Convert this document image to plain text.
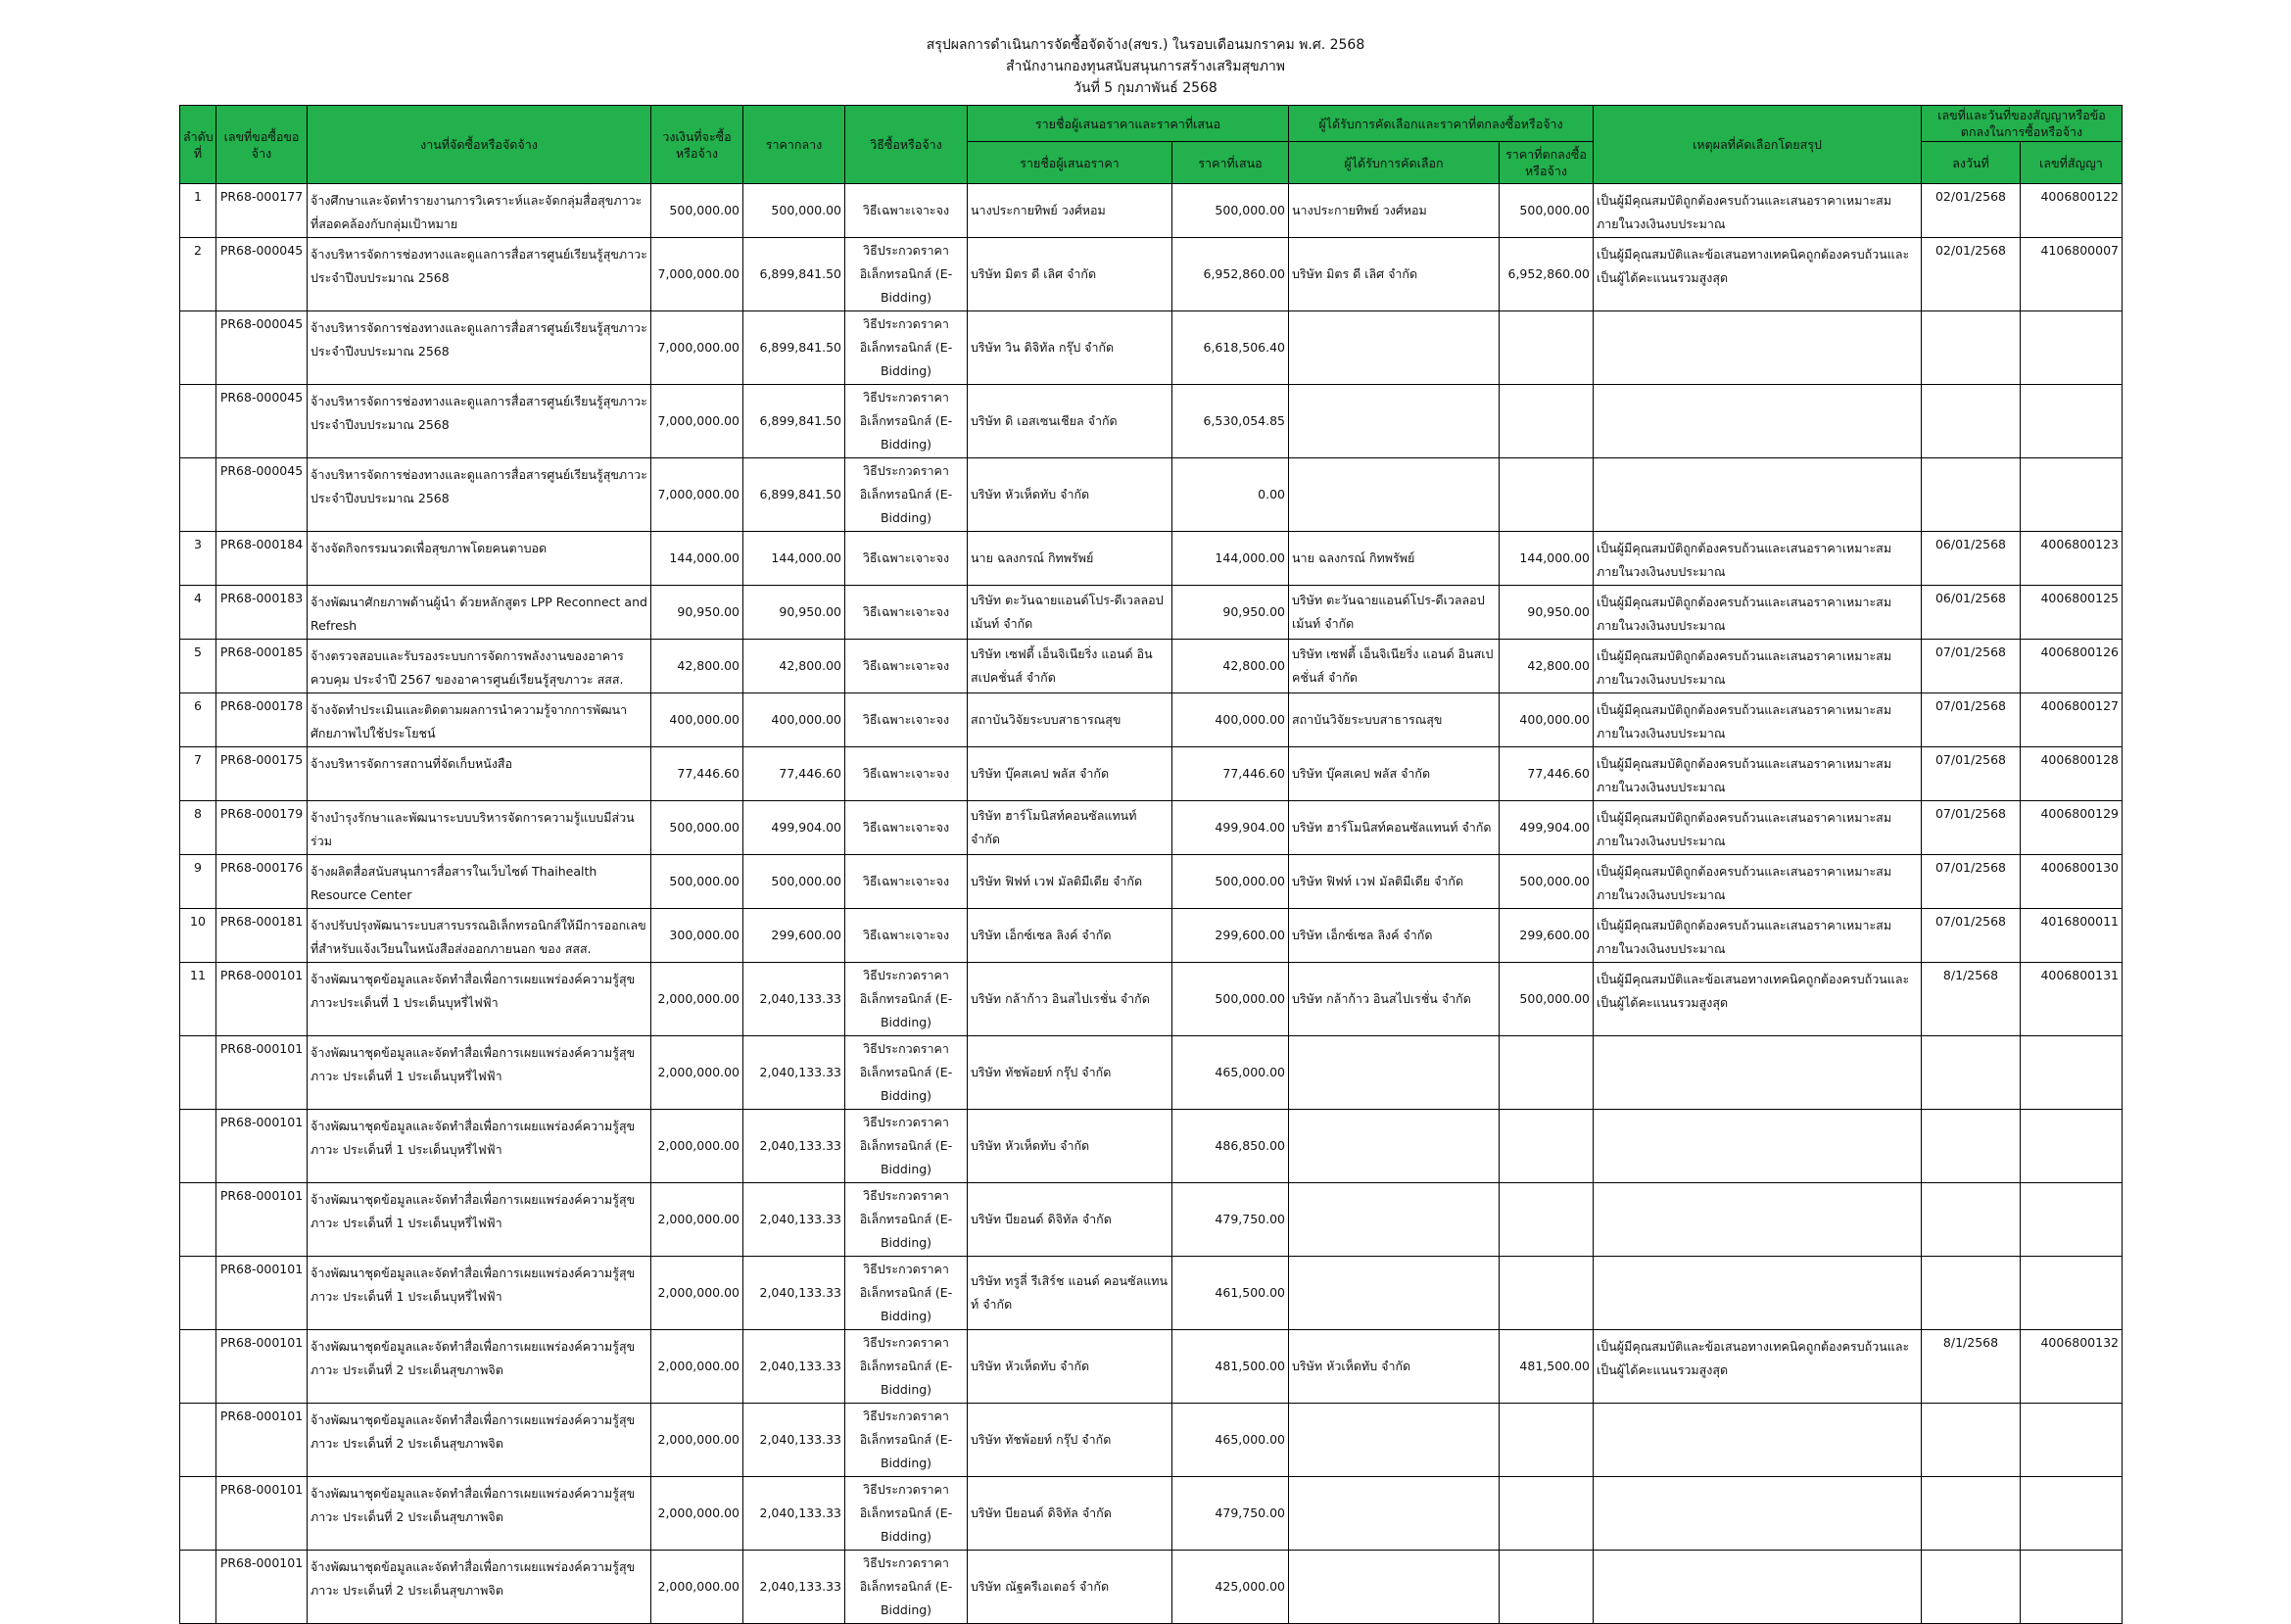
สรุปผลการดำเนินการจัดซื้อจัดจ้าง(สขร.) ในรอบเดือนมกราคม พ.ศ. 2568
สำนักงานกองทุนสนับสนุนการสร้างเสริมสุขภาพ
วันที่ 5 กุมภาพันธ์ 2568
ลำดับที่	เลขที่ขอซื้อขอจ้าง	งานที่จัดซื้อหรือจัดจ้าง	วงเงินที่จะซื้อหรือจ้าง	ราคากลาง	วิธีซื้อหรือจ้าง	รายชื่อผู้เสนอราคาและราคาที่เสนอ		ผู้ได้รับการคัดเลือกและราคาที่ตกลงซื้อหรือจ้าง		เหตุผลที่คัดเลือกโดยสรุป	เลขที่และวันที่ของสัญญาหรือข้อตกลงในการซื้อหรือจ้าง	
						รายชื่อผู้เสนอราคา	ราคาที่เสนอ	ผู้ได้รับการคัดเลือก	ราคาที่ตกลงซื้อหรือจ้าง		ลงวันที่	เลขที่สัญญา
1	PR68-000177	จ้างศึกษาและจัดทำรายงานการวิเคราะห์และจัดกลุ่มสื่อสุขภาวะที่สอดคล้องกับกลุ่มเป้าหมาย	500,000.00	500,000.00	วิธีเฉพาะเจาะจง	นางประกายทิพย์ วงศ์หอม	500,000.00	นางประกายทิพย์ วงศ์หอม	500,000.00	เป็นผู้มีคุณสมบัติถูกต้องครบถ้วนและเสนอราคาเหมาะสมภายในวงเงินงบประมาณ	02/01/2568	4006800122
2	PR68-000045	จ้างบริหารจัดการช่องทางและดูแลการสื่อสารศูนย์เรียนรู้สุขภาวะ ประจำปีงบประมาณ 2568	7,000,000.00	6,899,841.50	วิธีประกวดราคาอิเล็กทรอนิกส์ (E-Bidding)	บริษัท มิตร ดี เลิศ จำกัด	6,952,860.00	บริษัท มิตร ดี เลิศ จำกัด	6,952,860.00	เป็นผู้มีคุณสมบัติและข้อเสนอทางเทคนิคถูกต้องครบถ้วนและเป็นผู้ได้คะแนนรวมสูงสุด	02/01/2568	4106800007
	PR68-000045	จ้างบริหารจัดการช่องทางและดูแลการสื่อสารศูนย์เรียนรู้สุขภาวะ ประจำปีงบประมาณ 2568	7,000,000.00	6,899,841.50	วิธีประกวดราคาอิเล็กทรอนิกส์ (E-Bidding)	บริษัท วิน ดิจิทัล กรุ๊ป จำกัด	6,618,506.40					
	PR68-000045	จ้างบริหารจัดการช่องทางและดูแลการสื่อสารศูนย์เรียนรู้สุขภาวะ ประจำปีงบประมาณ 2568	7,000,000.00	6,899,841.50	วิธีประกวดราคาอิเล็กทรอนิกส์ (E-Bidding)	บริษัท ดิ เอสเซนเชียล จำกัด	6,530,054.85					
	PR68-000045	จ้างบริหารจัดการช่องทางและดูแลการสื่อสารศูนย์เรียนรู้สุขภาวะ ประจำปีงบประมาณ 2568	7,000,000.00	6,899,841.50	วิธีประกวดราคาอิเล็กทรอนิกส์ (E-Bidding)	บริษัท หัวเห็ดทับ จำกัด	0.00					
3	PR68-000184	จ้างจัดกิจกรรมนวดเพื่อสุขภาพโดยคนตาบอด	144,000.00	144,000.00	วิธีเฉพาะเจาะจง	นาย ฉลงกรณ์ กิทพรัพย์	144,000.00	นาย ฉลงกรณ์ กิทพรัพย์	144,000.00	เป็นผู้มีคุณสมบัติถูกต้องครบถ้วนและเสนอราคาเหมาะสมภายในวงเงินงบประมาณ	06/01/2568	4006800123
4	PR68-000183	จ้างพัฒนาศักยภาพด้านผู้นำ ด้วยหลักสูตร LPP Reconnect and Refresh	90,950.00	90,950.00	วิธีเฉพาะเจาะจง	บริษัท ตะวันฉายแอนด์โปร-ดีเวลลอปเม้นท์ จำกัด	90,950.00	บริษัท ตะวันฉายแอนด์โปร-ดีเวลลอปเม้นท์ จำกัด	90,950.00	เป็นผู้มีคุณสมบัติถูกต้องครบถ้วนและเสนอราคาเหมาะสมภายในวงเงินงบประมาณ	06/01/2568	4006800125
5	PR68-000185	จ้างตรวจสอบและรับรองระบบการจัดการพลังงานของอาคารควบคุม ประจำปี 2567 ของอาคารศูนย์เรียนรู้สุขภาวะ สสส.	42,800.00	42,800.00	วิธีเฉพาะเจาะจง	บริษัท เซฟตี้ เอ็นจิเนียริ่ง แอนด์ อินสเปคชั่นส์ จำกัด	42,800.00	บริษัท เซฟตี้ เอ็นจิเนียริ่ง แอนด์ อินสเปคชั่นส์ จำกัด	42,800.00	เป็นผู้มีคุณสมบัติถูกต้องครบถ้วนและเสนอราคาเหมาะสมภายในวงเงินงบประมาณ	07/01/2568	4006800126
6	PR68-000178	จ้างจัดทำประเมินและติดตามผลการนำความรู้จากการพัฒนาศักยภาพไปใช้ประโยชน์	400,000.00	400,000.00	วิธีเฉพาะเจาะจง	สถาบันวิจัยระบบสาธารณสุข	400,000.00	สถาบันวิจัยระบบสาธารณสุข	400,000.00	เป็นผู้มีคุณสมบัติถูกต้องครบถ้วนและเสนอราคาเหมาะสมภายในวงเงินงบประมาณ	07/01/2568	4006800127
7	PR68-000175	จ้างบริหารจัดการสถานที่จัดเก็บหนังสือ	77,446.60	77,446.60	วิธีเฉพาะเจาะจง	บริษัท บุ๊คสเคป พลัส จำกัด	77,446.60	บริษัท บุ๊คสเคป พลัส จำกัด	77,446.60	เป็นผู้มีคุณสมบัติถูกต้องครบถ้วนและเสนอราคาเหมาะสมภายในวงเงินงบประมาณ	07/01/2568	4006800128
8	PR68-000179	จ้างบำรุงรักษาและพัฒนาระบบบริหารจัดการความรู้แบบมีส่วนร่วม	500,000.00	499,904.00	วิธีเฉพาะเจาะจง	บริษัท ฮาร์โมนิสท์คอนซัลแทนท์ จำกัด	499,904.00	บริษัท ฮาร์โมนิสท์คอนซัลแทนท์ จำกัด	499,904.00	เป็นผู้มีคุณสมบัติถูกต้องครบถ้วนและเสนอราคาเหมาะสมภายในวงเงินงบประมาณ	07/01/2568	4006800129
9	PR68-000176	จ้างผลิตสื่อสนับสนุนการสื่อสารในเว็บไซต์ Thaihealth Resource Center	500,000.00	500,000.00	วิธีเฉพาะเจาะจง	บริษัท ฟิฟท์ เวฟ มัลติมีเดีย จำกัด	500,000.00	บริษัท ฟิฟท์ เวฟ มัลติมีเดีย จำกัด	500,000.00	เป็นผู้มีคุณสมบัติถูกต้องครบถ้วนและเสนอราคาเหมาะสมภายในวงเงินงบประมาณ	07/01/2568	4006800130
10	PR68-000181	จ้างปรับปรุงพัฒนาระบบสารบรรณอิเล็กทรอนิกส์ให้มีการออกเลขที่สำหรับแจ้งเวียนในหนังสือส่งออกภายนอก ของ สสส.	300,000.00	299,600.00	วิธีเฉพาะเจาะจง	บริษัท เอ็กซ์เซล ลิงค์ จำกัด	299,600.00	บริษัท เอ็กซ์เซล ลิงค์ จำกัด	299,600.00	เป็นผู้มีคุณสมบัติถูกต้องครบถ้วนและเสนอราคาเหมาะสมภายในวงเงินงบประมาณ	07/01/2568	4016800011
11	PR68-000101	จ้างพัฒนาชุดข้อมูลและจัดทำสื่อเพื่อการเผยแพร่องค์ความรู้สุขภาวะประเด็นที่ 1 ประเด็นบุหรี่ไฟฟ้า	2,000,000.00	2,040,133.33	วิธีประกวดราคาอิเล็กทรอนิกส์ (E-Bidding)	บริษัท กล้าก้าว อินสไปเรชั่น จำกัด	500,000.00	บริษัท กล้าก้าว อินสไปเรชั่น จำกัด	500,000.00	เป็นผู้มีคุณสมบัติและข้อเสนอทางเทคนิคถูกต้องครบถ้วนและเป็นผู้ได้คะแนนรวมสูงสุด	8/1/2568	4006800131
	PR68-000101	จ้างพัฒนาชุดข้อมูลและจัดทำสื่อเพื่อการเผยแพร่องค์ความรู้สุขภาวะ ประเด็นที่ 1 ประเด็นบุหรี่ไฟฟ้า	2,000,000.00	2,040,133.33	วิธีประกวดราคาอิเล็กทรอนิกส์ (E-Bidding)	บริษัท ทัชพ้อยท์ กรุ๊ป จำกัด	465,000.00					
	PR68-000101	จ้างพัฒนาชุดข้อมูลและจัดทำสื่อเพื่อการเผยแพร่องค์ความรู้สุขภาวะ ประเด็นที่ 1 ประเด็นบุหรี่ไฟฟ้า	2,000,000.00	2,040,133.33	วิธีประกวดราคาอิเล็กทรอนิกส์ (E-Bidding)	บริษัท หัวเห็ดทับ จำกัด	486,850.00					
	PR68-000101	จ้างพัฒนาชุดข้อมูลและจัดทำสื่อเพื่อการเผยแพร่องค์ความรู้สุขภาวะ ประเด็นที่ 1 ประเด็นบุหรี่ไฟฟ้า	2,000,000.00	2,040,133.33	วิธีประกวดราคาอิเล็กทรอนิกส์ (E-Bidding)	บริษัท บียอนด์ ดิจิทัล จำกัด	479,750.00					
	PR68-000101	จ้างพัฒนาชุดข้อมูลและจัดทำสื่อเพื่อการเผยแพร่องค์ความรู้สุขภาวะ ประเด็นที่ 1 ประเด็นบุหรี่ไฟฟ้า	2,000,000.00	2,040,133.33	วิธีประกวดราคาอิเล็กทรอนิกส์ (E-Bidding)	บริษัท ทรูลี่ รีเสิร์ช แอนด์ คอนซัลแทนท์ จำกัด	461,500.00					
	PR68-000101	จ้างพัฒนาชุดข้อมูลและจัดทำสื่อเพื่อการเผยแพร่องค์ความรู้สุขภาวะ ประเด็นที่ 2 ประเด็นสุขภาพจิต	2,000,000.00	2,040,133.33	วิธีประกวดราคาอิเล็กทรอนิกส์ (E-Bidding)	บริษัท หัวเห็ดทับ จำกัด	481,500.00	บริษัท หัวเห็ดทับ จำกัด	481,500.00	เป็นผู้มีคุณสมบัติและข้อเสนอทางเทคนิคถูกต้องครบถ้วนและเป็นผู้ได้คะแนนรวมสูงสุด	8/1/2568	4006800132
	PR68-000101	จ้างพัฒนาชุดข้อมูลและจัดทำสื่อเพื่อการเผยแพร่องค์ความรู้สุขภาวะ ประเด็นที่ 2 ประเด็นสุขภาพจิต	2,000,000.00	2,040,133.33	วิธีประกวดราคาอิเล็กทรอนิกส์ (E-Bidding)	บริษัท ทัชพ้อยท์ กรุ๊ป จำกัด	465,000.00					
	PR68-000101	จ้างพัฒนาชุดข้อมูลและจัดทำสื่อเพื่อการเผยแพร่องค์ความรู้สุขภาวะ ประเด็นที่ 2 ประเด็นสุขภาพจิต	2,000,000.00	2,040,133.33	วิธีประกวดราคาอิเล็กทรอนิกส์ (E-Bidding)	บริษัท บียอนด์ ดิจิทัล จำกัด	479,750.00					
	PR68-000101	จ้างพัฒนาชุดข้อมูลและจัดทำสื่อเพื่อการเผยแพร่องค์ความรู้สุขภาวะ ประเด็นที่ 2 ประเด็นสุขภาพจิต	2,000,000.00	2,040,133.33	วิธีประกวดราคาอิเล็กทรอนิกส์ (E-Bidding)	บริษัท ณัฐครีเอเตอร์ จำกัด	425,000.00					
